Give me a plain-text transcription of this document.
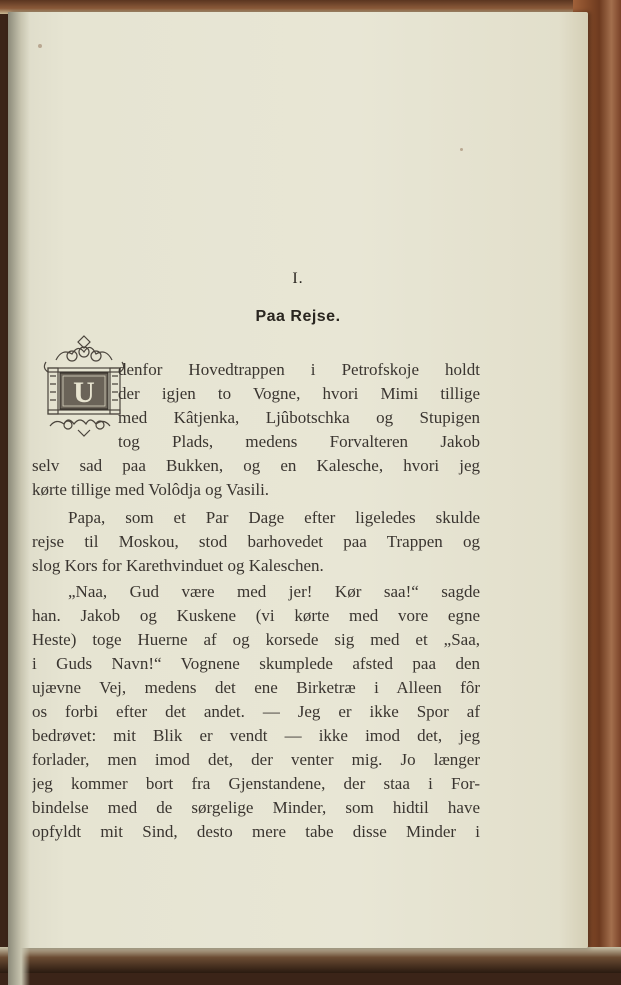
I.
Paa Rejse.
U
denfor Hovedtrappen i Petrofskoje holdt
der igjen to Vogne, hvori Mimi tillige
med Kâtjenka, Ljûbotschka og Stupigen
tog Plads, medens Forvalteren Jakob
selv sad paa Bukken, og en Kalesche, hvori jeg
kørte tillige med Volôdja og Vasili.
Papa, som et Par Dage efter ligeledes skulde
rejse til Moskou, stod barhovedet paa Trappen og
slog Kors for Karethvinduet og Kaleschen.
„Naa, Gud være med jer! Kør saa!“ sagde
han. Jakob og Kuskene (vi kørte med vore egne
Heste) toge Huerne af og korsede sig med et „Saa,
i Guds Navn!“ Vognene skumplede afsted paa den
ujævne Vej, medens det ene Birketræ i Alleen fôr
os forbi efter det andet. — Jeg er ikke Spor af
bedrøvet: mit Blik er vendt — ikke imod det, jeg
forlader, men imod det, der venter mig. Jo længer
jeg kommer bort fra Gjenstandene, der staa i For-
bindelse med de sørgelige Minder, som hidtil have
opfyldt mit Sind, desto mere tabe disse Minder i
